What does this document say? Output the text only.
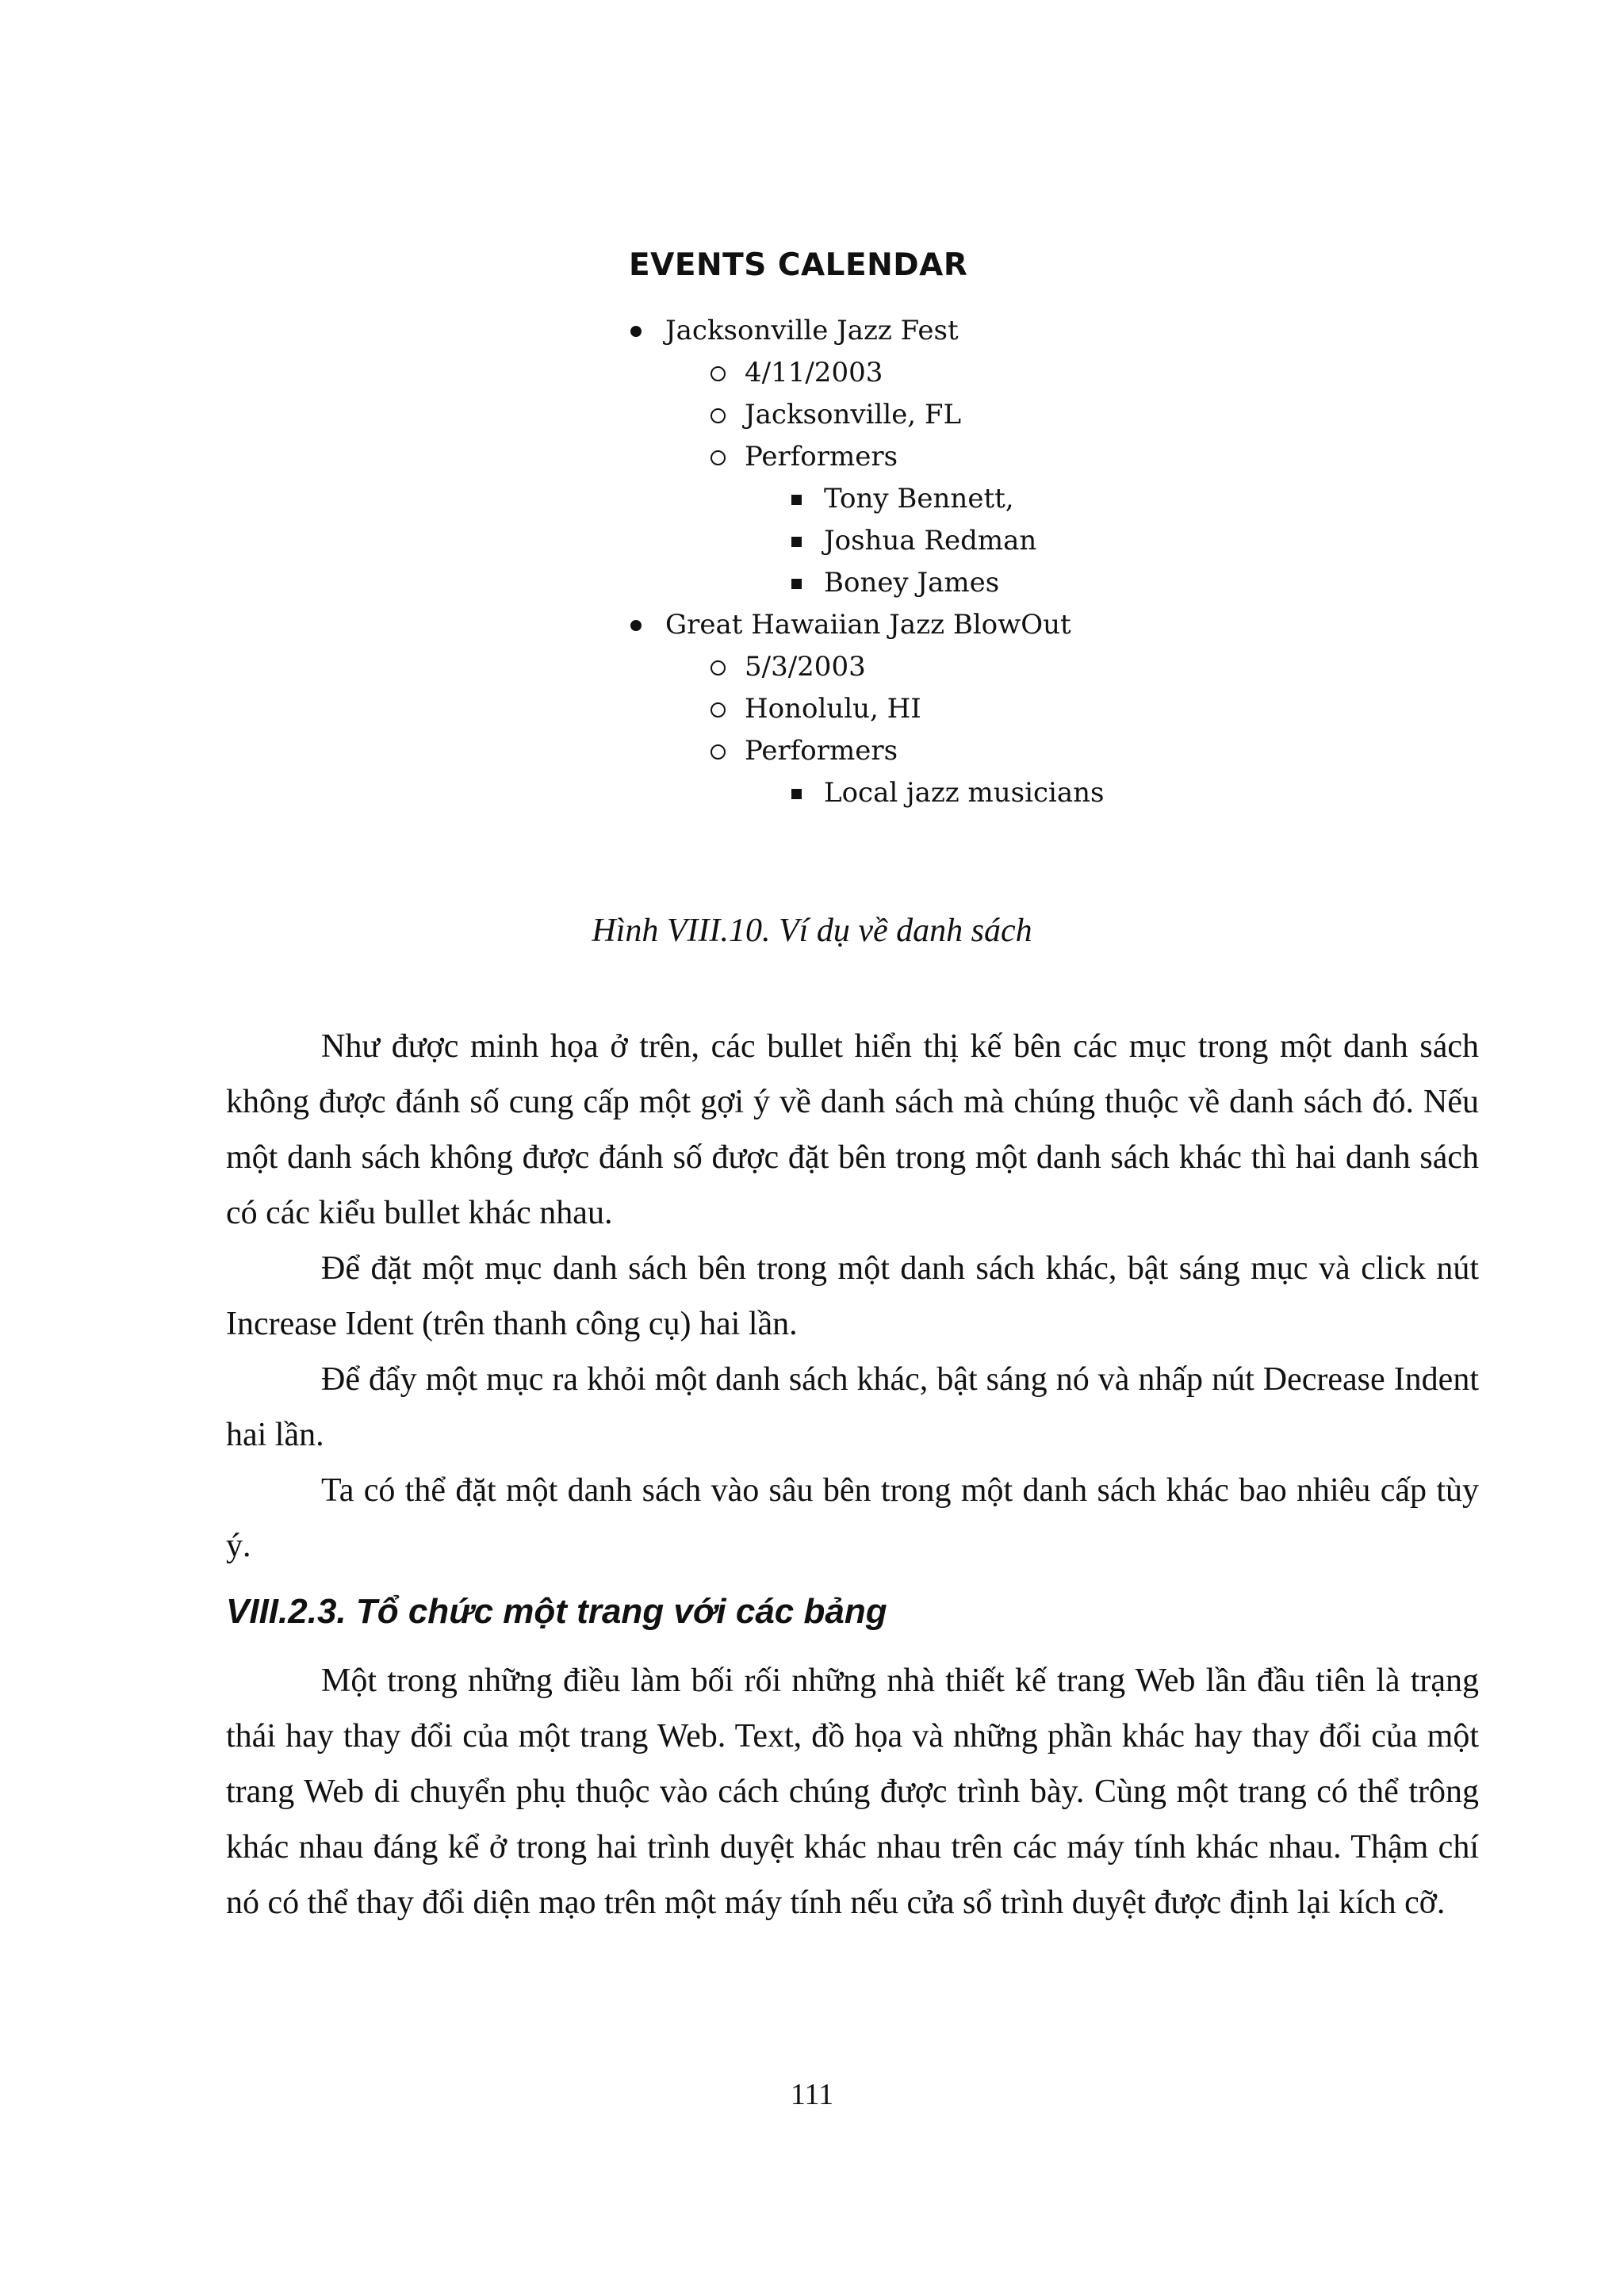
EVENTS CALENDAR
Jacksonville Jazz Fest
4/11/2003
Jacksonville, FL
Performers
Tony Bennett,
Joshua Redman
Boney James
Great Hawaiian Jazz BlowOut
5/3/2003
Honolulu, HI
Performers
Local jazz musicians
Hình VIII.10. Ví dụ về danh sách

Như được minh họa ở trên, các bullet hiển thị kế bên các mục trong một danh sách không được đánh số cung cấp một gợi ý về danh sách mà chúng thuộc về danh sách đó. Nếu một danh sách không được đánh số được đặt bên trong một danh sách khác thì hai danh sách có các kiểu bullet khác nhau.

Để đặt một mục danh sách bên trong một danh sách khác, bật sáng mục và click nút Increase Ident (trên thanh công cụ) hai lần.

Để đẩy một mục ra khỏi một danh sách khác, bật sáng nó và nhấp nút Decrease Indent hai lần.

Ta có thể đặt một danh sách vào sâu bên trong một danh sách khác bao nhiêu cấp tùy ý.

VIII.2.3. Tổ chức một trang với các bảng

Một trong những điều làm bối rối những nhà thiết kế trang Web lần đầu tiên là trạng thái hay thay đổi của một trang Web. Text, đồ họa và những phần khác hay thay đổi của một trang Web di chuyển phụ thuộc vào cách chúng được trình bày. Cùng một trang có thể trông khác nhau đáng kể ở trong hai trình duyệt khác nhau trên các máy tính khác nhau. Thậm chí nó có thể thay đổi diện mạo trên một máy tính nếu cửa sổ trình duyệt được định lại kích cỡ.

111
